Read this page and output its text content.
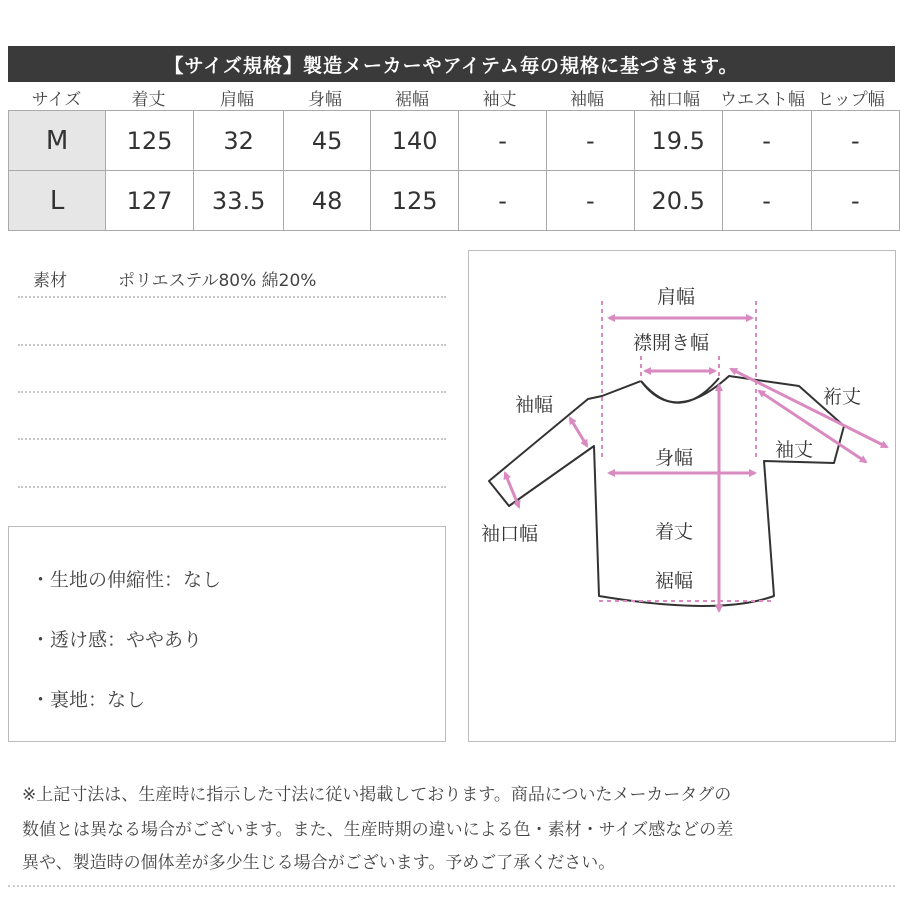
【サイズ規格】製造メーカーやアイテム毎の規格に基づきます。
サイズ	着丈	肩幅	身幅	裾幅	袖丈	袖幅	袖口幅	ウエスト幅 ヒップ幅
M	125	32	45	140	-	-	19.5	-	-
L	127	33.5	48	125	-	-	20.5	-	-
素材	ポリエステル80% 綿20%
・生地の伸縮性：なし
・透け感：ややあり
・裏地：なし
肩幅
襟開き幅
袖幅	裄丈
袖丈
身幅
袖口幅	着丈
裾幅
※上記寸法は、生産時に指示した寸法に従い掲載しております。商品についたメーカータグの
数値とは異なる場合がございます。また、生産時期の違いによる色・素材・サイズ感などの差
異や、製造時の個体差が多少生じる場合がございます。予めご了承ください。
